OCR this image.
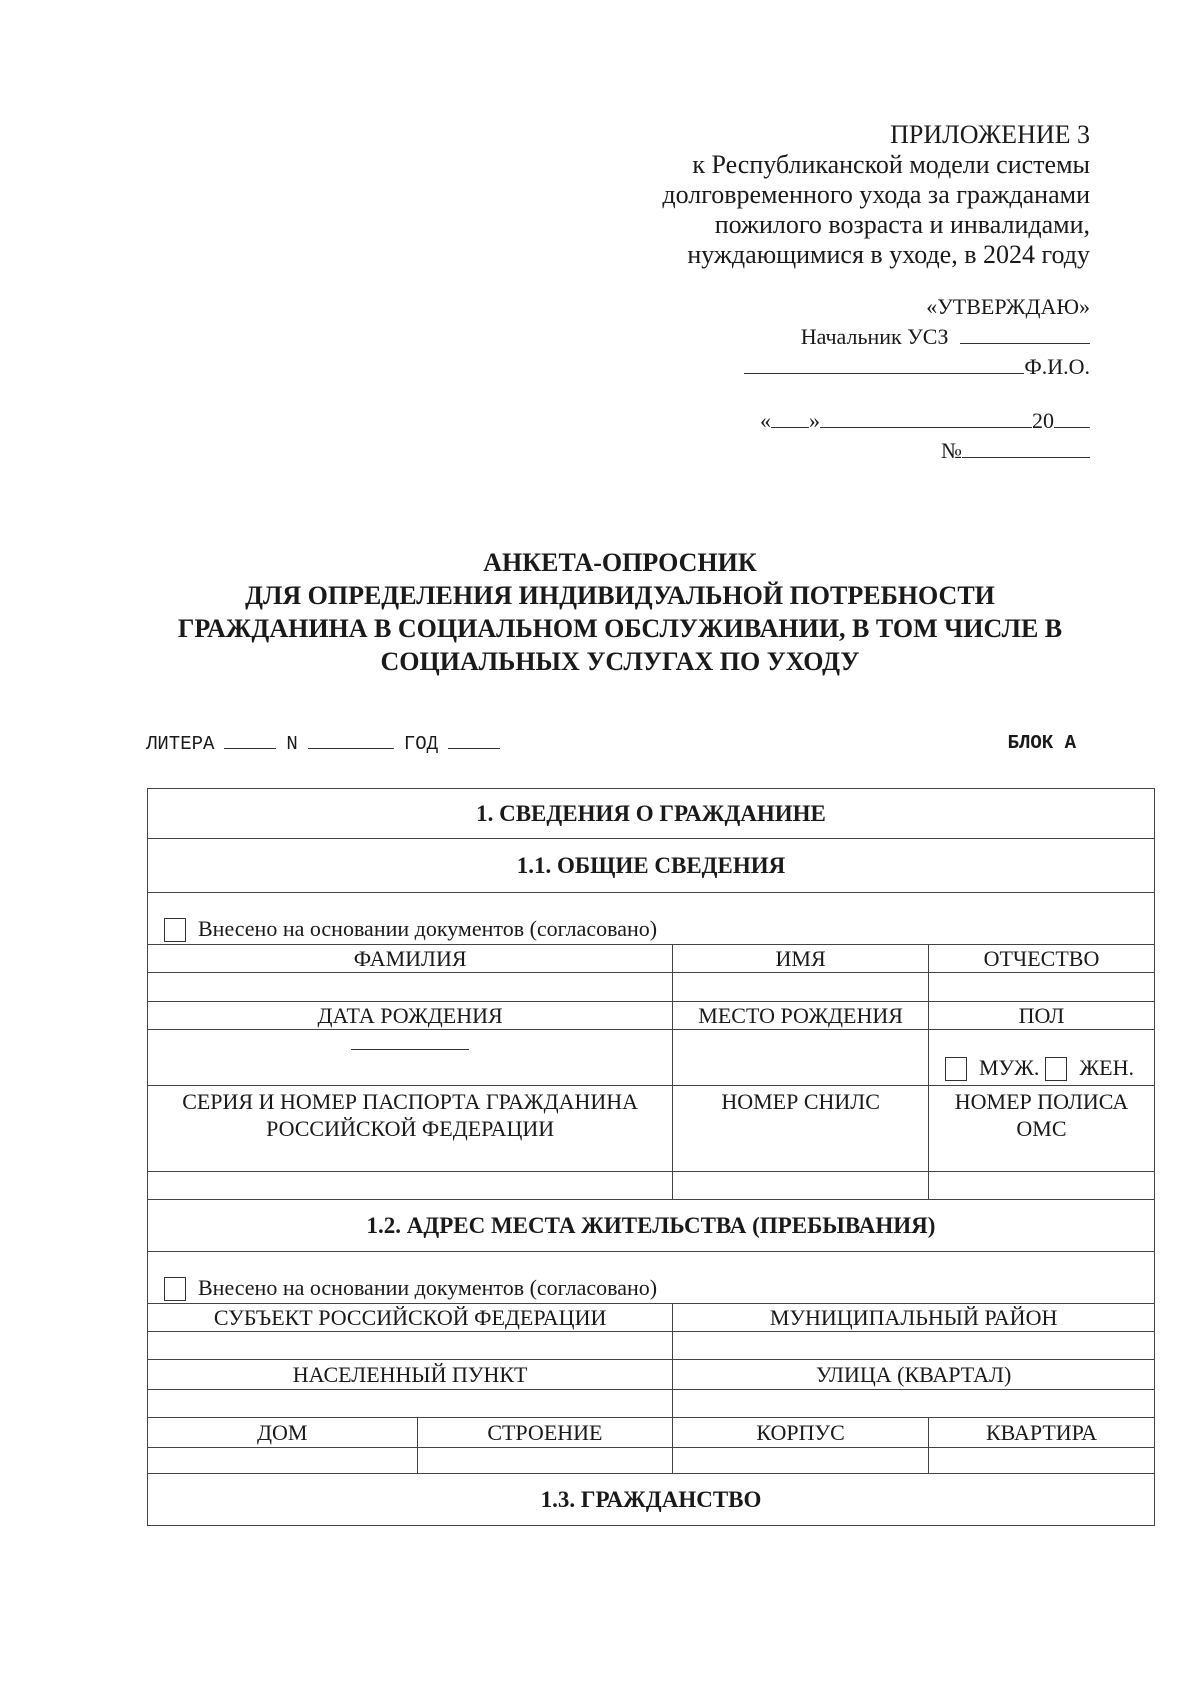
ПРИЛОЖЕНИЕ 3
к Республиканской модели системы
долговременного ухода за гражданами
пожилого возраста и инвалидами,
нуждающимися в уходе, в 2024 году
«УТВЕРЖДАЮ»
Начальник УСЗ
Ф.И.О.
« »	20
№
АНКЕТА-ОПРОСНИК
ДЛЯ ОПРЕДЕЛЕНИЯ ИНДИВИДУАЛЬНОЙ ПОТРЕБНОСТИ
ГРАЖДАНИНА В СОЦИАЛЬНОМ ОБСЛУЖИВАНИИ, В ТОМ ЧИСЛЕ В
СОЦИАЛЬНЫХ УСЛУГАХ ПО УХОДУ
ЛИТЕРА	N	ГОД	БЛОК А
1. СВЕДЕНИЯ О ГРАЖДАНИНЕ			
1.1. ОБЩИЕ СВЕДЕНИЯ			
Внесено на основании документов (согласовано)			
ФАМИЛИЯ		ИМЯ	ОТЧЕСТВО

ДАТА РОЖДЕНИЯ		МЕСТО РОЖДЕНИЯ	ПОЛ

			МУЖ. ЖЕН.

СЕРИЯ И НОМЕР ПАСПОРТА ГРАЖДАНИНА РОССИЙСКОЙ ФЕДЕРАЦИИ		НОМЕР СНИЛС	НОМЕР ПОЛИСА ОМС

1.2. АДРЕС МЕСТА ЖИТЕЛЬСТВА (ПРЕБЫВАНИЯ)			
Внесено на основании документов (согласовано)			
СУБЪЕКТ РОССИЙСКОЙ ФЕДЕРАЦИИ		МУНИЦИПАЛЬНЫЙ РАЙОН	

НАСЕЛЕННЫЙ ПУНКТ		УЛИЦА (КВАРТАЛ)	

ДОМ	СТРОЕНИЕ	КОРПУС	КВАРТИРА

1.3. ГРАЖДАНСТВО			
